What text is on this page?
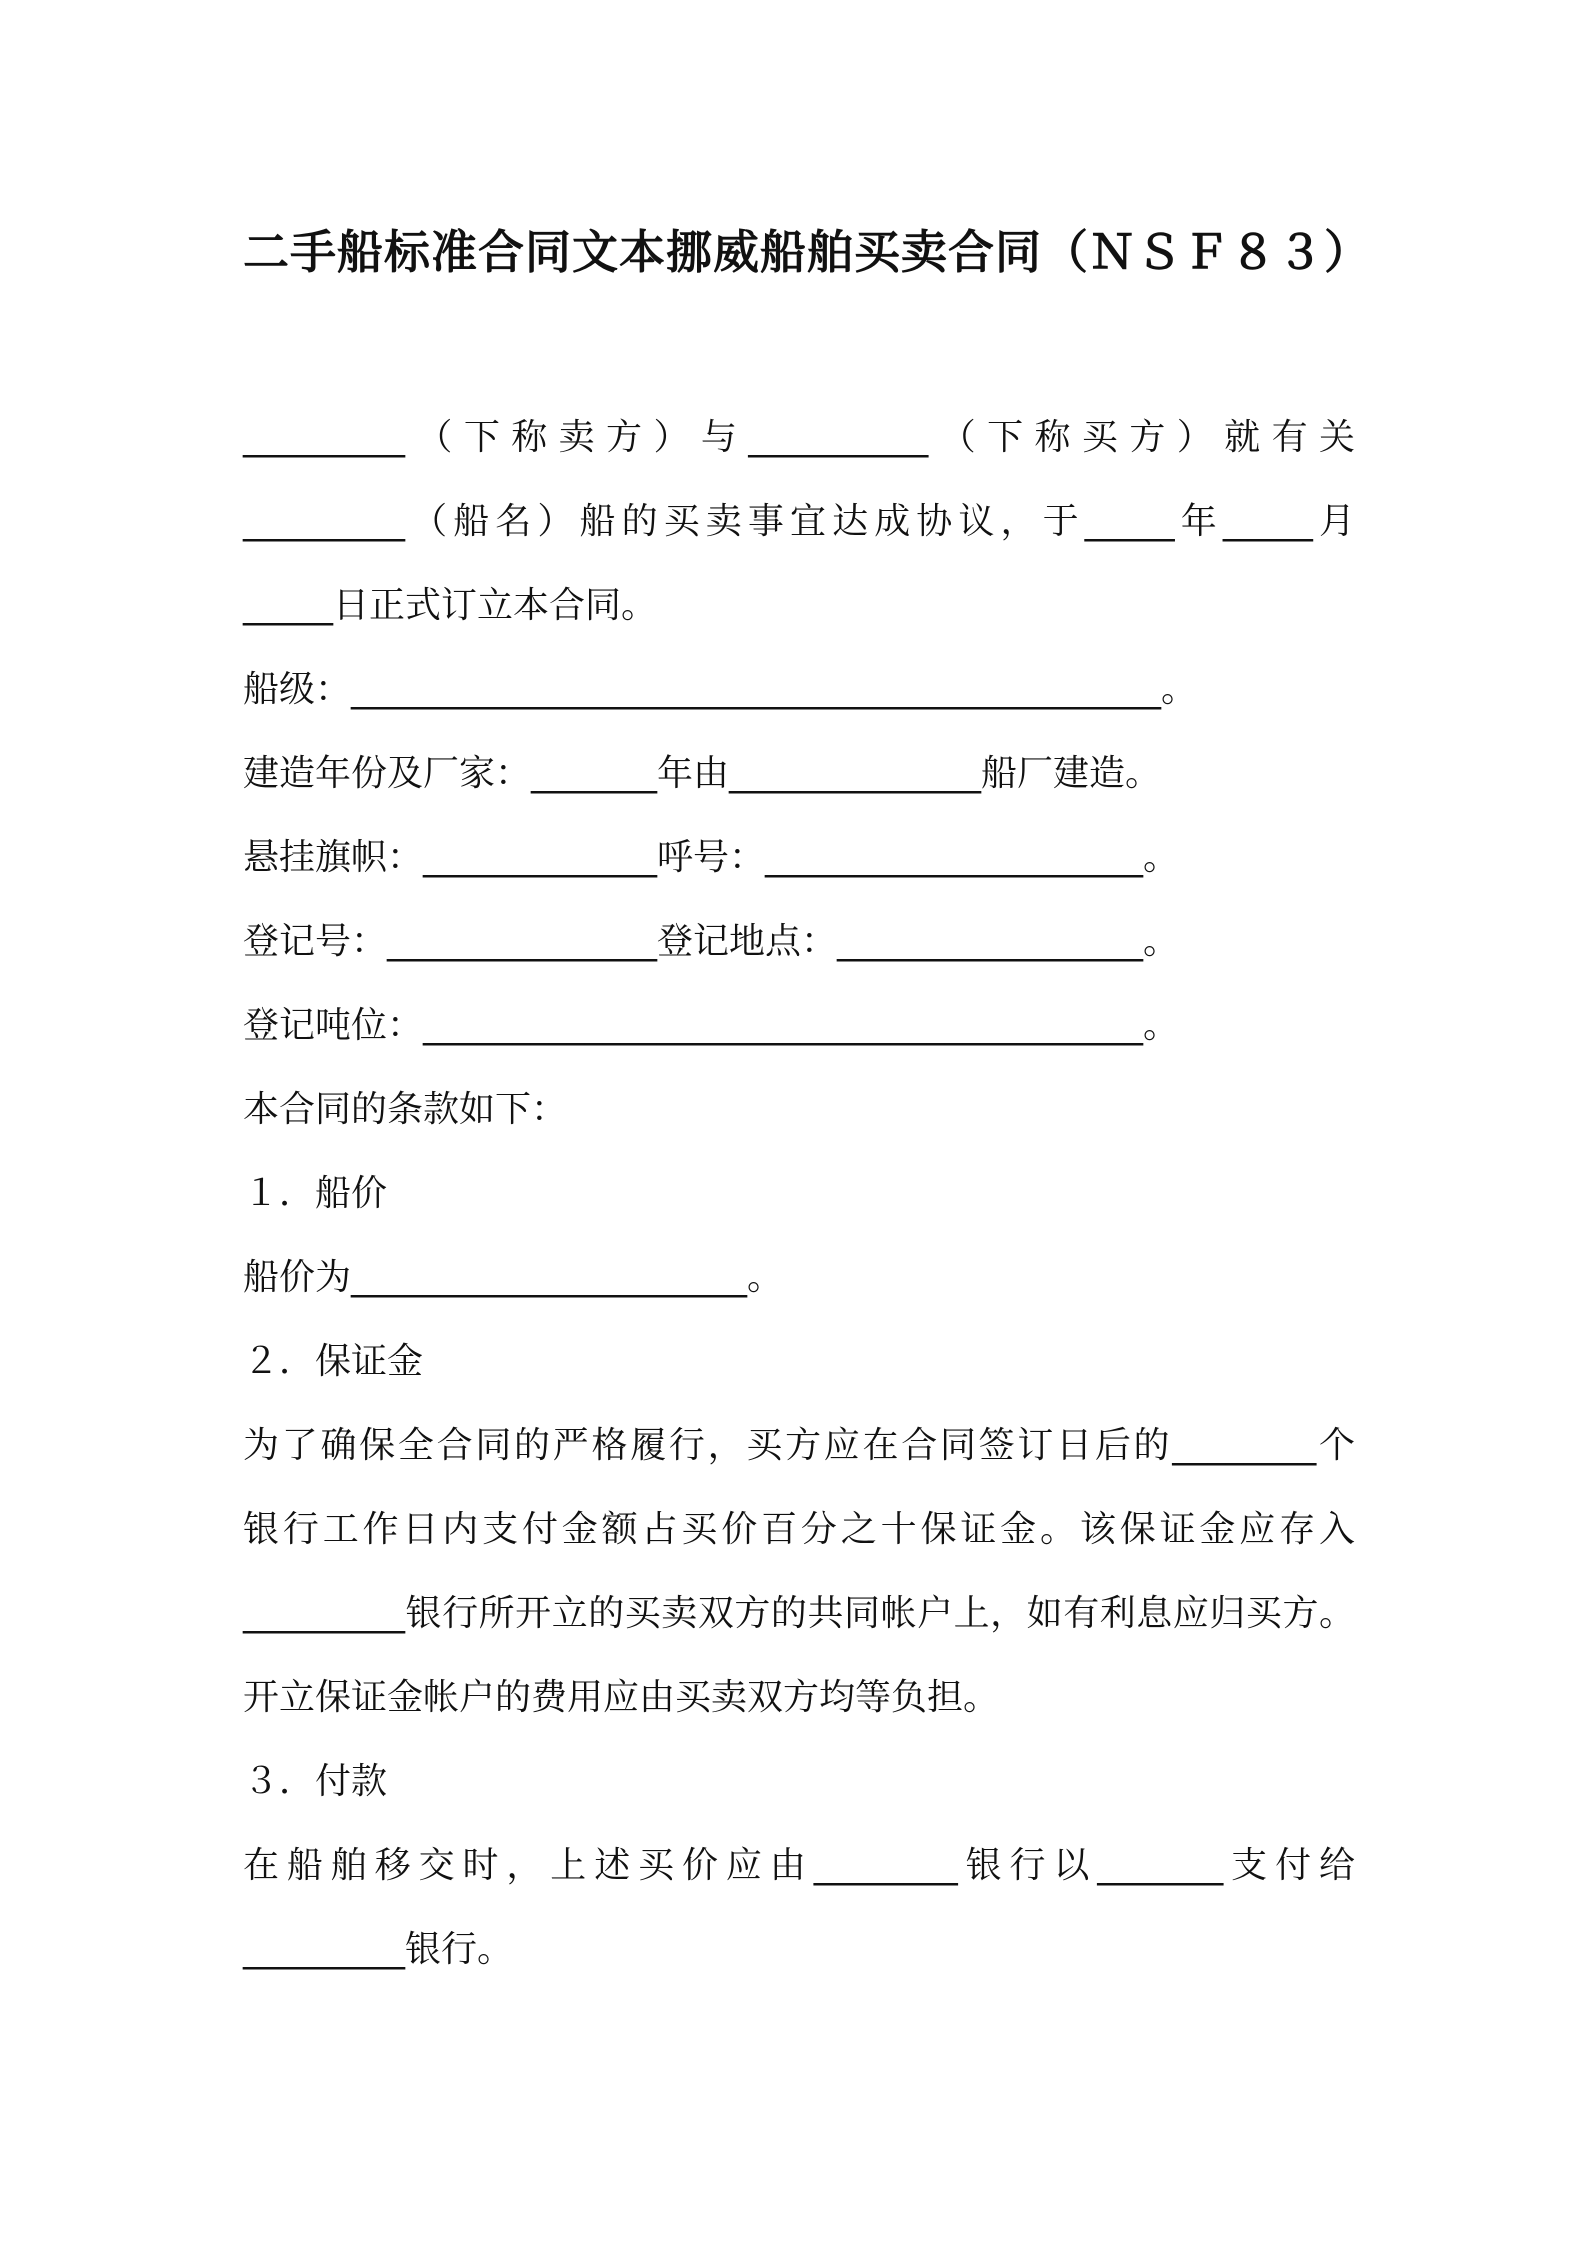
二手船标准合同文本挪威船舶买卖合同（ＮＳＦ８３）
_________（下称卖方）与__________（下称买方）就有关
_________（船名）船的买卖事宜达成协议，于_____年_____月
_____日正式订立本合同。
船级：_____________________________________________。
建造年份及厂家：_______年由______________船厂建造。
悬挂旗帜：_____________呼号：_____________________。
登记号：_______________登记地点：_________________。
登记吨位：________________________________________。
本合同的条款如下：
１．船价
船价为______________________。
２．保证金
为了确保全合同的严格履行，买方应在合同签订日后的________个
银行工作日内支付金额占买价百分之十保证金。该保证金应存入
_________银行所开立的买卖双方的共同帐户上，如有利息应归买方。
开立保证金帐户的费用应由买卖双方均等负担。
３．付款
在船舶移交时，上述买价应由________银行以_______支付给
_________银行。
